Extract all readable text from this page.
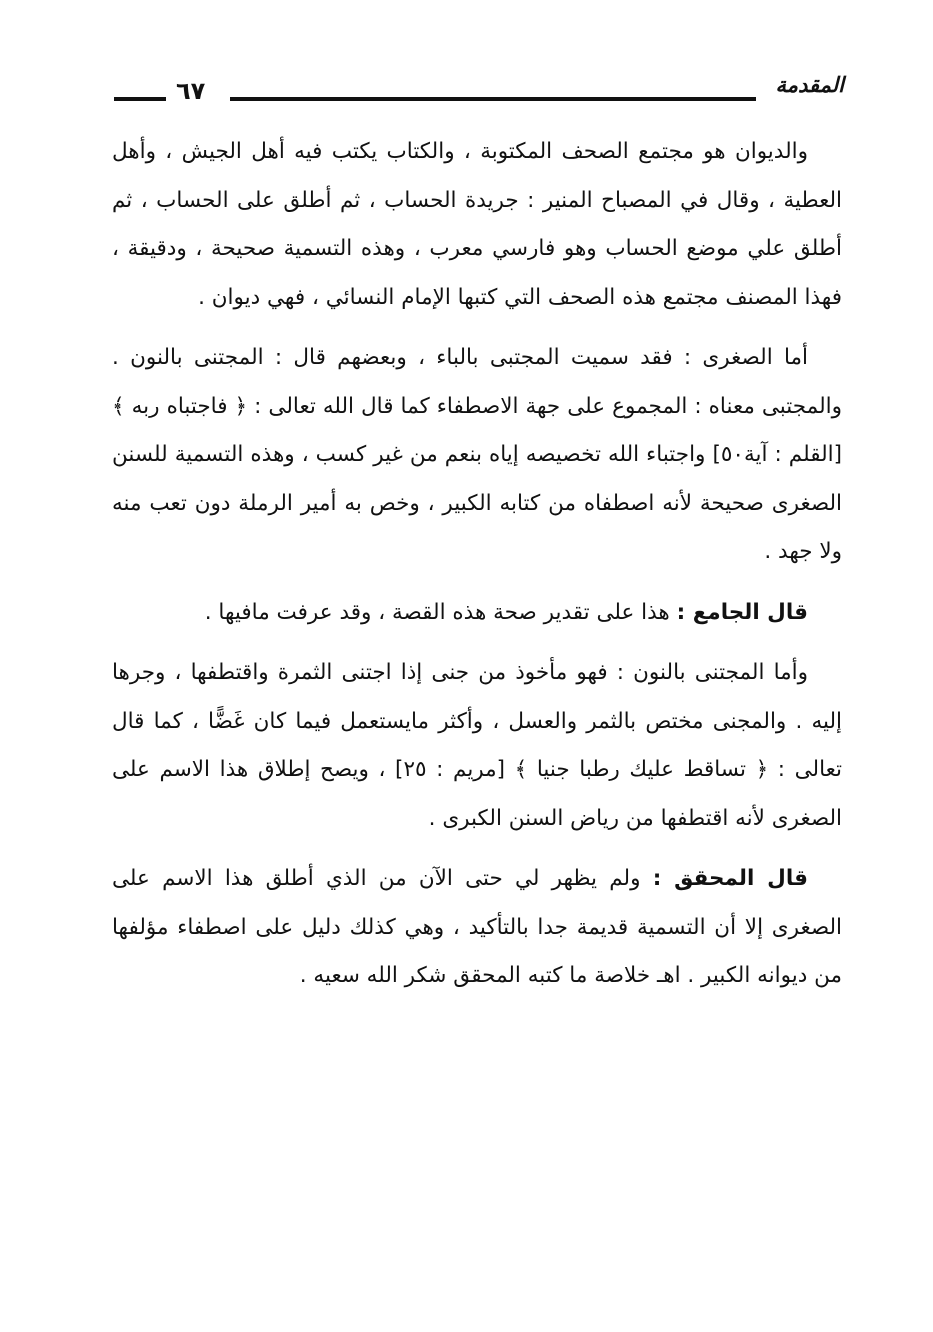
المقدمة
٦٧

والديوان هو مجتمع الصحف المكتوبة ، والكتاب يكتب فيه أهل الجيش ، وأهل العطية ، وقال في المصباح المنير : جريدة الحساب ، ثم أطلق على الحساب ، ثم أطلق علي موضع الحساب وهو فارسي معرب ، وهذه التسمية صحيحة ، ودقيقة ، فهذا المصنف مجتمع هذه الصحف التي كتبها الإمام النسائي ، فهي ديوان .

أما الصغرى : فقد سميت المجتبى بالباء ، وبعضهم قال : المجتنى بالنون . والمجتبى معناه : المجموع على جهة الاصطفاء كما قال الله تعالى : ﴿ فاجتباه ربه ﴾ [القلم : آية٥٠] واجتباء الله تخصيصه إياه بنعم من غير كسب ، وهذه التسمية للسنن الصغرى صحيحة لأنه اصطفاه من كتابه الكبير ، وخص به أمير الرملة دون تعب منه ولا جهد .

قال الجامع : هذا على تقدير صحة هذه القصة ، وقد عرفت مافيها .

وأما المجتنى بالنون : فهو مأخوذ من جنى إذا اجتنى الثمرة واقتطفها ، وجرها إليه . والمجنى مختص بالثمر والعسل ، وأكثر مايستعمل فيما كان غَضًّا ، كما قال تعالى : ﴿ تساقط عليك رطبا جنيا ﴾ [مريم : ٢٥] ، ويصح إطلاق هذا الاسم على الصغرى لأنه اقتطفها من رياض السنن الكبرى .

قال المحقق : ولم يظهر لي حتى الآن من الذي أطلق هذا الاسم على الصغرى إلا أن التسمية قديمة جدا بالتأكيد ، وهي كذلك دليل على اصطفاء مؤلفها من ديوانه الكبير . اهـ خلاصة ما كتبه المحقق شكر الله سعيه .
